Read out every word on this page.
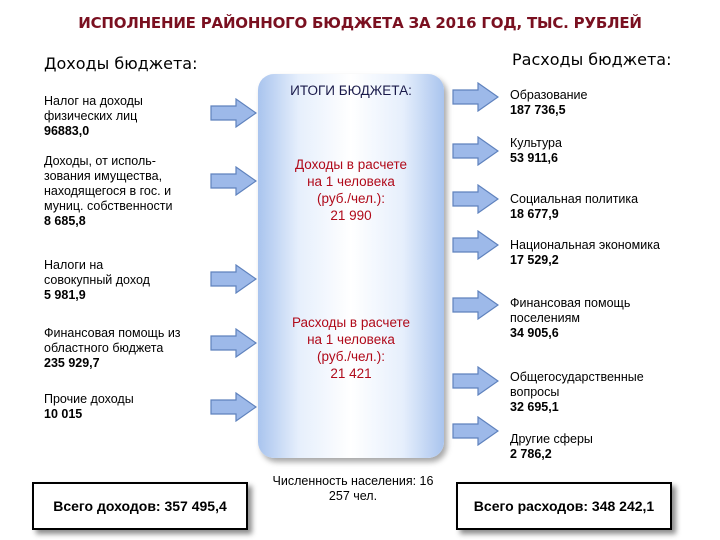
ИСПОЛНЕНИЕ РАЙОННОГО БЮДЖЕТА ЗА 2016 ГОД, ТЫС. РУБЛЕЙ
Доходы бюджета:	Расходы бюджета:
Налог на доходы физических лиц
96883,0
Доходы, от исполь-зования имущества, находящегося в гос. и муниц. собственности
8 685,8
Налоги на совокупный доход
5 981,9
Финансовая помощь из областного бюджета
235 929,7
Прочие доходы
10 015
ИТОГИ БЮДЖЕТА:
Доходы в расчете на 1 человека
(руб./чел.):
21 990
Расходы в расчете на 1 человека
(руб./чел.):
21 421
Образование
187 736,5
Культура
53 911,6
Социальная политика
18 677,9
Национальная экономика
17 529,2
Финансовая помощь поселениям
34 905,6
Общегосударственные вопросы
32 695,1
Другие сферы
2 786,2
Численность населения: 16 257 чел.
Всего доходов: 357 495,4	Всего расходов: 348 242,1
